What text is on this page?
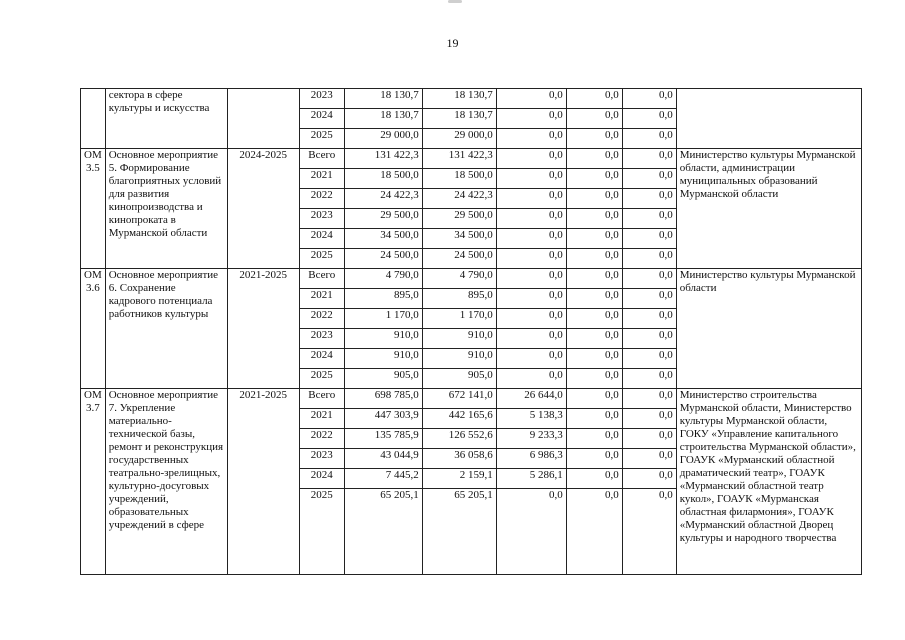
19
	сектора в сфере культуры и искусства		2023	18 130,7	18 130,7	0,0	0,0	0,0	
			2024	18 130,7	18 130,7	0,0	0,0	0,0	
			2025	29 000,0	29 000,0	0,0	0,0	0,0	
ОМ 3.5	Основное мероприятие 5. Формирование благоприятных условий для развития кинопроизводства и кинопроката в Мурманской области	2024-2025	Всего	131 422,3	131 422,3	0,0	0,0	0,0	Министерство культуры Мурманской области, администрации муниципальных образований Мурманской области
			2021	18 500,0	18 500,0	0,0	0,0	0,0	
			2022	24 422,3	24 422,3	0,0	0,0	0,0	
			2023	29 500,0	29 500,0	0,0	0,0	0,0	
			2024	34 500,0	34 500,0	0,0	0,0	0,0	
			2025	24 500,0	24 500,0	0,0	0,0	0,0	
ОМ 3.6	Основное мероприятие 6. Сохранение кадрового потенциала работников культуры	2021-2025	Всего	4 790,0	4 790,0	0,0	0,0	0,0	Министерство культуры Мурманской области
			2021	895,0	895,0	0,0	0,0	0,0	
			2022	1 170,0	1 170,0	0,0	0,0	0,0	
			2023	910,0	910,0	0,0	0,0	0,0	
			2024	910,0	910,0	0,0	0,0	0,0	
			2025	905,0	905,0	0,0	0,0	0,0	
ОМ 3.7	Основное мероприятие 7. Укрепление материально-технической базы, ремонт и реконструкция государственных театрально-зрелищных, культурно-досуговых учреждений, образовательных учреждений в сфере	2021-2025	Всего	698 785,0	672 141,0	26 644,0	0,0	0,0	Министерство строительства Мурманской области, Министерство культуры Мурманской области, ГОКУ «Управление капитального строительства Мурманской области», ГОАУК «Мурманский областной драматический театр», ГОАУК «Мурманский областной театр кукол», ГОАУК «Мурманская областная филармония», ГОАУК «Мурманский областной Дворец культуры и народного творчества
			2021	447 303,9	442 165,6	5 138,3	0,0	0,0	
			2022	135 785,9	126 552,6	9 233,3	0,0	0,0	
			2023	43 044,9	36 058,6	6 986,3	0,0	0,0	
			2024	7 445,2	2 159,1	5 286,1	0,0	0,0	
			2025	65 205,1	65 205,1	0,0	0,0	0,0	
